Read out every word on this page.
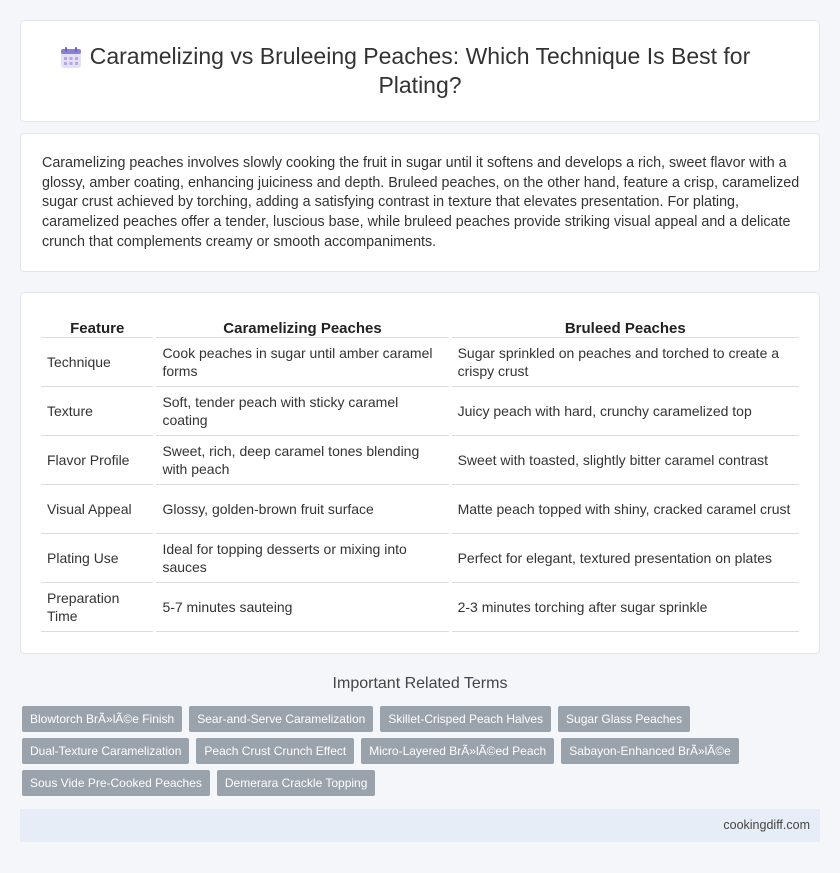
Caramelizing vs Bruleeing Peaches: Which Technique Is Best for Plating?

Caramelizing peaches involves slowly cooking the fruit in sugar until it softens and develops a rich, sweet flavor with a glossy, amber coating, enhancing juiciness and depth. Bruleed peaches, on the other hand, feature a crisp, caramelized sugar crust achieved by torching, adding a satisfying contrast in texture that elevates presentation. For plating, caramelized peaches offer a tender, luscious base, while bruleed peaches provide striking visual appeal and a delicate crunch that complements creamy or smooth accompaniments.

Feature		Caramelizing Peaches		Bruleed Peaches
Technique		Cook peaches in sugar until amber caramel forms		Sugar sprinkled on peaches and torched to create a crispy crust
Texture		Soft, tender peach with sticky caramel coating		Juicy peach with hard, crunchy caramelized top
Flavor Profile		Sweet, rich, deep caramel tones blending with peach		Sweet with toasted, slightly bitter caramel contrast
Visual Appeal		Glossy, golden-brown fruit surface		Matte peach topped with shiny, cracked caramel crust
Plating Use		Ideal for topping desserts or mixing into sauces		Perfect for elegant, textured presentation on plates
Preparation Time		5-7 minutes sauteing		2-3 minutes torching after sugar sprinkle
Important Related Terms
Blowtorch BrÃ»lÃ©e Finish	Sear-and-Serve Caramelization	Skillet-Crisped Peach Halves	Sugar Glass Peaches
Dual-Texture Caramelization	Peach Crust Crunch Effect	Micro-Layered BrÃ»lÃ©ed Peach	Sabayon-Enhanced BrÃ»lÃ©e
Sous Vide Pre-Cooked Peaches	Demerara Crackle Topping
cookingdiff.com
